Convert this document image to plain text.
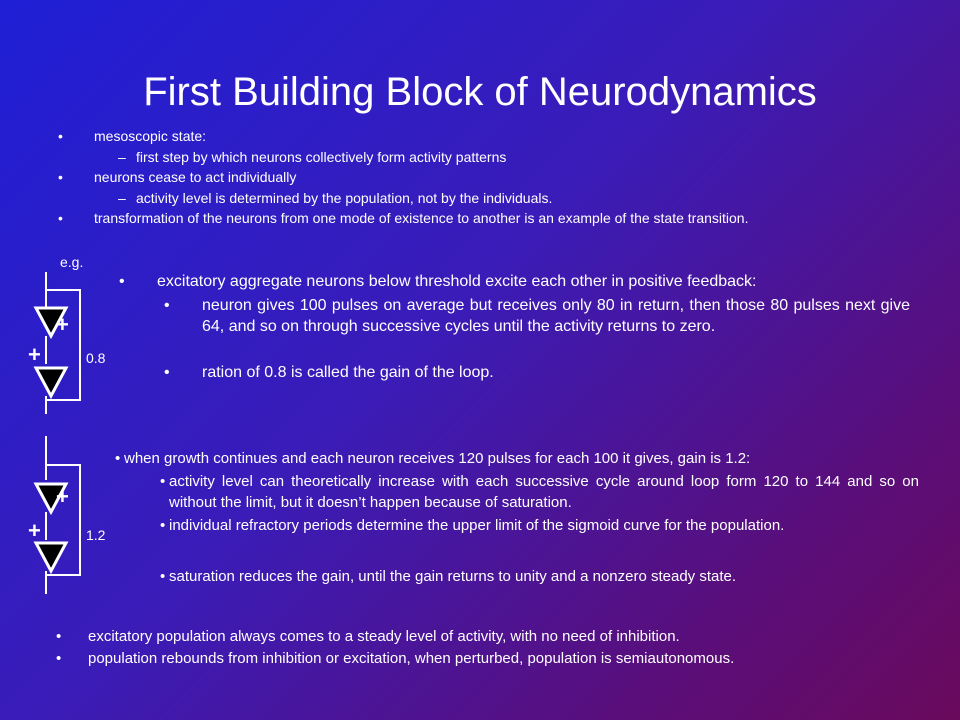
First Building Block of Neurodynamics
• mesoscopic state:
– first step by which neurons collectively form activity patterns
• neurons cease to act individually
– activity level is determined by the population, not by the individuals.
• transformation of the neurons from one mode of existence to another is an example of the state transition.
e.g.
+
+	0.8
+
+	1.2
• excitatory aggregate neurons below threshold excite each other in positive feedback:
• neuron gives 100 pulses on average but receives only 80 in return, then those 80 pulses next give 64, and so on through successive cycles until the activity returns to zero.
• ration of 0.8 is called the gain of the loop.
• when growth continues and each neuron receives 120 pulses for each 100 it gives, gain is 1.2:
• activity level can theoretically increase with each successive cycle around loop form 120 to 144 and so on without the limit, but it doesn’t happen because of saturation.
• individual refractory periods determine the upper limit of the sigmoid curve for the population.
• saturation reduces the gain, until the gain returns to unity and a nonzero steady state.
• excitatory population always comes to a steady level of activity, with no need of inhibition.
• population rebounds from inhibition or excitation, when perturbed, population is semiautonomous.
